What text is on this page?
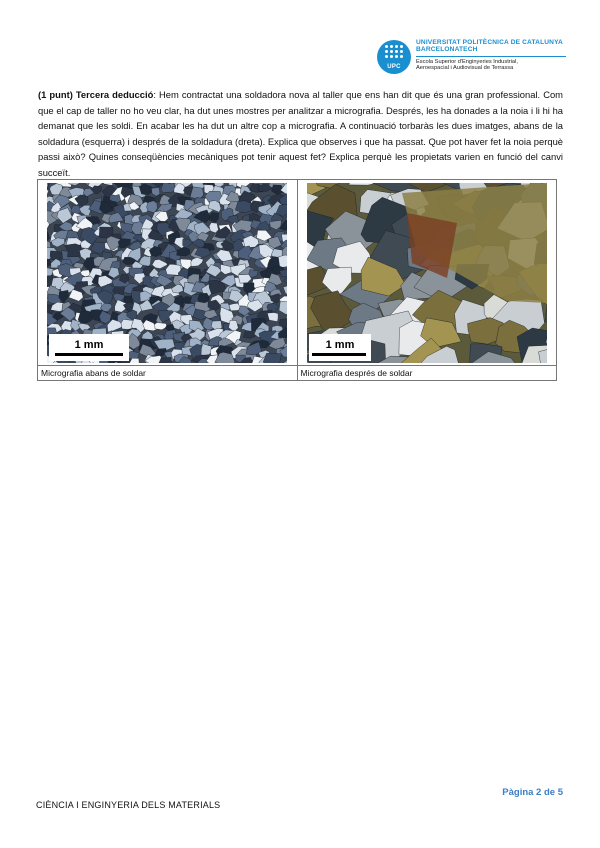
UPC
UNIVERSITAT POLITÈCNICA DE CATALUNYA
BARCELONATECH
Escola Superior d'Enginyeries Industrial,
Aeroespacial i Audiovisual de Terrassa

(1 punt) Tercera deducció: Hem contractat una soldadora nova al taller que ens han dit que és una gran professional. Com que el cap de taller no ho veu clar, ha dut unes mostres per analitzar a micrografia. Després, les ha donades a la noia i li hi ha demanat que les soldi. En acabar les ha dut un altre cop a micrografia. A continuació torbaràs les dues imatges, abans de la soldadura (esquerra) i després de la soldadura (dreta). Explica que observes i que ha passat. Que pot haver fet la noia perquè passi això? Quines conseqüències mecàniques pot tenir aquest fet? Explica perquè les propietats varien en funció del canvi succeït.

1 mm	1 mm

Micrografia abans de soldar	Micrografia després de soldar
Pàgina 2 de 5
CIÈNCIA I ENGINYERIA DELS MATERIALS
